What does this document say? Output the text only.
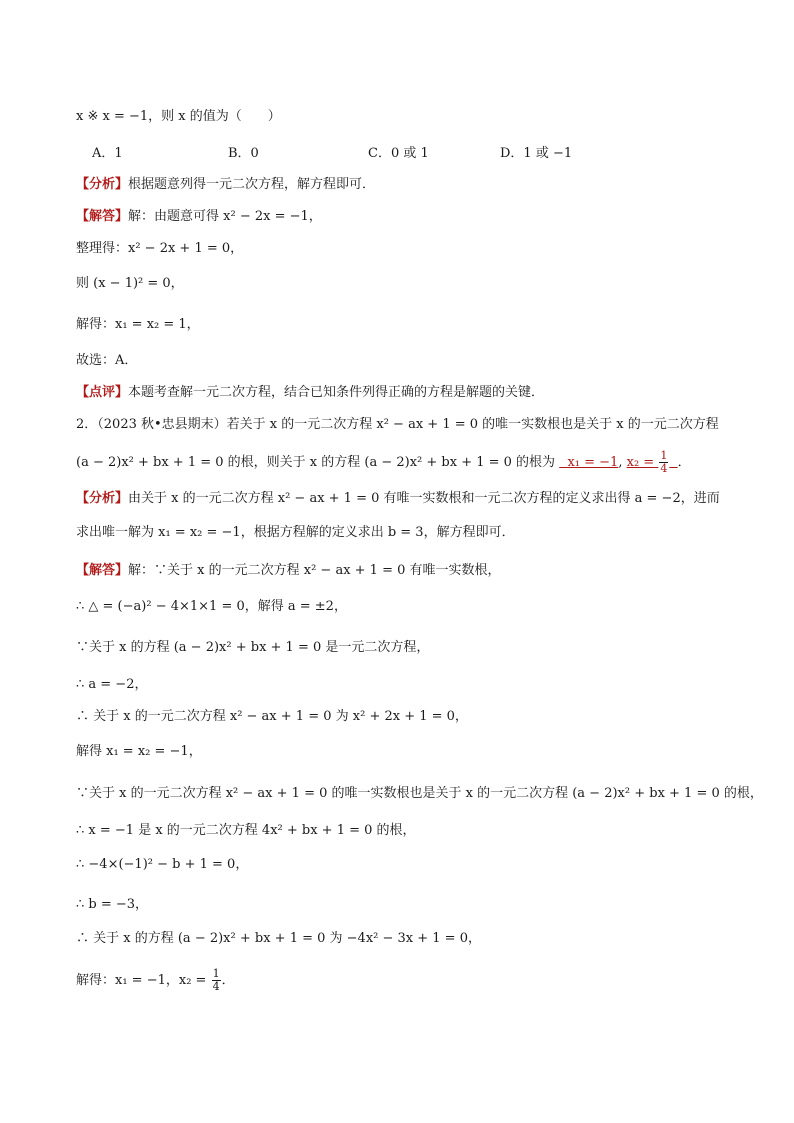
x ※ x = −1，则 x 的值为（　　）
A．1	B．0	C．0 或 1	D．1 或 −1
【分析】根据题意列得一元二次方程，解方程即可．
【解答】解：由题意可得 x² − 2x = −1，
整理得：x² − 2x + 1 = 0，
则 (x − 1)² = 0，
解得：x₁ = x₂ = 1，
故选：A．
【点评】本题考查解一元二次方程，结合已知条件列得正确的方程是解题的关键．
2．（2023 秋•忠县期末）若关于 x 的一元二次方程 x² − ax + 1 = 0 的唯一实数根也是关于 x 的一元二次方程
(a − 2)x² + bx + 1 = 0 的根，则关于 x 的方程 (a − 2)x² + bx + 1 = 0 的根为 x₁ = −1, $x_2 = \frac{1}{4}$ ．
【分析】由关于 x 的一元二次方程 x² − ax + 1 = 0 有唯一实数根和一元二次方程的定义求出得 a = −2，进而
求出唯一解为 x₁ = x₂ = −1，根据方程解的定义求出 b = 3，解方程即可．
【解答】解：∵关于 x 的一元二次方程 x² − ax + 1 = 0 有唯一实数根，
∴ △ = (−a)² − 4×1×1 = 0，解得 a = ±2，
∵关于 x 的方程 (a − 2)x² + bx + 1 = 0 是一元二次方程，
∴ a = −2，
∴ 关于 x 的一元二次方程 x² − ax + 1 = 0 为 x² + 2x + 1 = 0，
解得 x₁ = x₂ = −1，
∵关于 x 的一元二次方程 x² − ax + 1 = 0 的唯一实数根也是关于 x 的一元二次方程 (a − 2)x² + bx + 1 = 0 的根，
∴ x = −1 是 x 的一元二次方程 4x² + bx + 1 = 0 的根，
∴ −4×(−1)² − b + 1 = 0，
∴ b = −3，
∴ 关于 x 的方程 (a − 2)x² + bx + 1 = 0 为 −4x² − 3x + 1 = 0，
解得：x₁ = −1，$x_2 = \frac{1}{4}$ ．
